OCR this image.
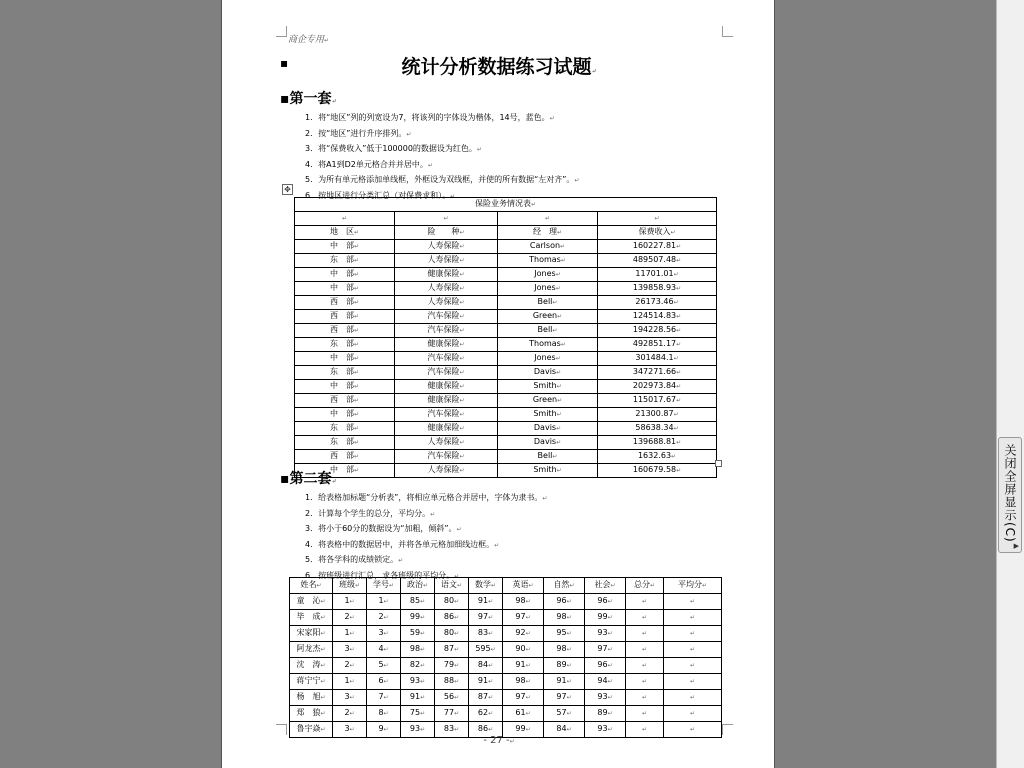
商企专用 ↵
▪	统计分析数据练习试题 ↵
▪第一套 ↵
1．将“地区”列的列宽设为7，将该列的字体设为楷体，14号，蓝色。 ↵
2．按“地区”进行升序排列。 ↵
3．将“保费收入”低于100000的数据设为红色。 ↵
4．将A1到D2单元格合并并居中。 ↵
5．为所有单元格添加单线框，外框设为双线框，并使的所有数据“左对齐”。 ↵
6．按地区进行分类汇总（对保费求和）。 ↵
✥
保险业务情况表 ↵
↵	↵	↵	↵
地　区 ↵	险　　种 ↵	经　理 ↵	保费收入 ↵
中　部 ↵	人寿保险 ↵	Carlson ↵	160227.81 ↵
东　部 ↵	人寿保险 ↵	Thomas ↵	489507.48 ↵
中　部 ↵	健康保险 ↵	Jones ↵	11701.01 ↵
中　部 ↵	人寿保险 ↵	Jones ↵	139858.93 ↵
西　部 ↵	人寿保险 ↵	Bell ↵	26173.46 ↵
西　部 ↵	汽车保险 ↵	Green ↵	124514.83 ↵
西　部 ↵	汽车保险 ↵	Bell ↵	194228.56 ↵
东　部 ↵	健康保险 ↵	Thomas ↵	492851.17 ↵
中　部 ↵	汽车保险 ↵	Jones ↵	301484.1 ↵
东　部 ↵	汽车保险 ↵	Davis ↵	347271.66 ↵
中　部 ↵	健康保险 ↵	Smith ↵	202973.84 ↵
西　部 ↵	健康保险 ↵	Green ↵	115017.67 ↵
中　部 ↵	汽车保险 ↵	Smith ↵	21300.87 ↵
东　部 ↵	健康保险 ↵	Davis ↵	58638.34 ↵
东　部 ↵	人寿保险 ↵	Davis ↵	139688.81 ↵
西　部 ↵	汽车保险 ↵	Bell ↵	1632.63 ↵
中　部 ↵	人寿保险 ↵	Smith ↵	160679.58 ↵
▪第二套 ↵
1．给表格加标题“分析表”，将相应单元格合并居中，字体为隶书。 ↵
2．计算每个学生的总分，平均分。 ↵
3．将小于60分的数据设为“加粗，倾斜”。 ↵
4．将表格中的数据居中，并将各单元格加细线边框。 ↵
5．将各学科的成绩锁定。 ↵
6．按班级进行汇总，求各班级的平均分。 ↵
姓名 ↵	班级 ↵	学号 ↵	政治 ↵	语文 ↵	数学 ↵	英语 ↵	自然 ↵	社会 ↵	总分 ↵	平均分 ↵
童　沁 ↵	1 ↵	1 ↵	85 ↵	80 ↵	91 ↵	98 ↵	96 ↵	96 ↵	↵	↵
毕　成 ↵	2 ↵	2 ↵	99 ↵	86 ↵	97 ↵	97 ↵	98 ↵	99 ↵	↵	↵
宋家阳 ↵	1 ↵	3 ↵	59 ↵	80 ↵	83 ↵	92 ↵	95 ↵	93 ↵	↵	↵
阿龙杰 ↵	3 ↵	4 ↵	98 ↵	87 ↵	595 ↵	90 ↵	98 ↵	97 ↵	↵	↵
沈　涛 ↵	2 ↵	5 ↵	82 ↵	79 ↵	84 ↵	91 ↵	89 ↵	96 ↵	↵	↵
蒋宁宁 ↵	1 ↵	6 ↵	93 ↵	88 ↵	91 ↵	98 ↵	91 ↵	94 ↵	↵	↵
杨　旭 ↵	3 ↵	7 ↵	91 ↵	56 ↵	87 ↵	97 ↵	97 ↵	93 ↵	↵	↵
郑　狼 ↵	2 ↵	8 ↵	75 ↵	77 ↵	62 ↵	61 ↵	57 ↵	89 ↵	↵	↵
鲁宇焱 ↵	3 ↵	9 ↵	93 ↵	83 ↵	86 ↵	99 ↵	84 ↵	93 ↵	↵	↵
- 27 - ↵
关闭全屏显示(C)
▶
